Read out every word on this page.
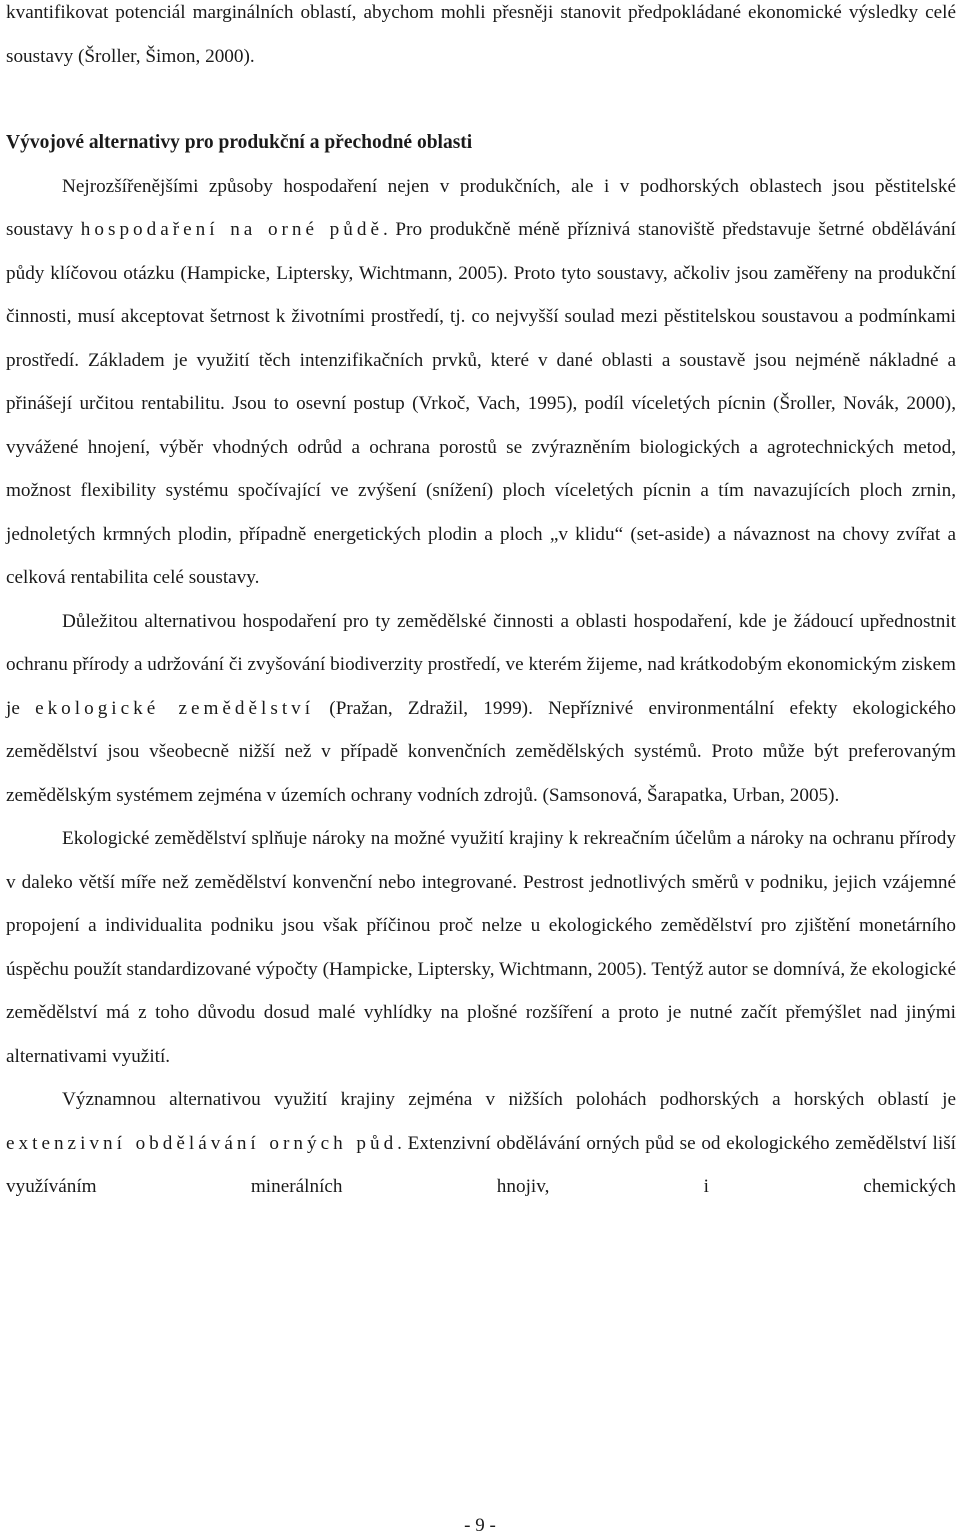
kvantifikovat potenciál marginálních oblastí, abychom mohli přesněji stanovit předpokládané ekonomické výsledky celé soustavy (Šroller, Šimon, 2000).

Vývojové alternativy pro produkční a přechodné oblasti

Nejrozšířenějšími způsoby hospodaření nejen v produkčních, ale i v podhorských oblastech jsou pěstitelské soustavy hospodaření na orné půdě. Pro produkčně méně příznivá stanoviště představuje šetrné obdělávání půdy klíčovou otázku (Hampicke, Liptersky, Wichtmann, 2005). Proto tyto soustavy, ačkoliv jsou zaměřeny na produkční činnosti, musí akceptovat šetrnost k životními prostředí, tj. co nejvyšší soulad mezi pěstitelskou soustavou a podmínkami prostředí. Základem je využití těch intenzifikačních prvků, které v dané oblasti a soustavě jsou nejméně nákladné a přinášejí určitou rentabilitu. Jsou to osevní postup (Vrkoč, Vach, 1995), podíl víceletých pícnin (Šroller, Novák, 2000), vyvážené hnojení, výběr vhodných odrůd a ochrana porostů se zvýrazněním biologických a agrotechnických metod, možnost flexibility systému spočívající ve zvýšení (snížení) ploch víceletých pícnin a tím navazujících ploch zrnin, jednoletých krmných plodin, případně energetických plodin a ploch „v klidu“ (set-aside) a návaznost na chovy zvířat a celková rentabilita celé soustavy.

Důležitou alternativou hospodaření pro ty zemědělské činnosti a oblasti hospodaření, kde je žádoucí upřednostnit ochranu přírody a udržování či zvyšování biodiverzity prostředí, ve kterém žijeme, nad krátkodobým ekonomickým ziskem je ekologické zemědělství (Pražan, Zdražil, 1999). Nepříznivé environmentální efekty ekologického zemědělství jsou všeobecně nižší než v případě konvenčních zemědělských systémů. Proto může být preferovaným zemědělským systémem zejména v územích ochrany vodních zdrojů. (Samsonová, Šarapatka, Urban, 2005).

Ekologické zemědělství splňuje nároky na možné využití krajiny k rekreačním účelům a nároky na ochranu přírody v daleko větší míře než zemědělství konvenční nebo integrované. Pestrost jednotlivých směrů v podniku, jejich vzájemné propojení a individualita podniku jsou však příčinou proč nelze u ekologického zemědělství pro zjištění monetárního úspěchu použít standardizované výpočty (Hampicke, Liptersky, Wichtmann, 2005). Tentýž autor se domnívá, že ekologické zemědělství má z toho důvodu dosud malé vyhlídky na plošné rozšíření a proto je nutné začít přemýšlet nad jinými alternativami využití.

Významnou alternativou využití krajiny zejména v nižších polohách podhorských a horských oblastí je extenzivní obdělávání orných půd. Extenzivní obdělávání orných půd se od ekologického zemědělství liší využíváním minerálních hnojiv, i chemických

- 9 -
